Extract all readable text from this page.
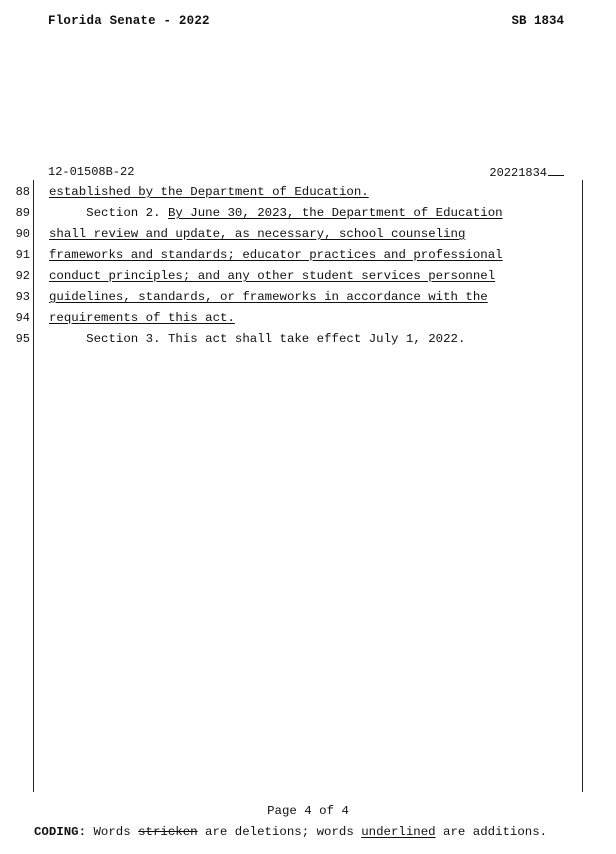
Florida Senate - 2022	SB 1834
12-01508B-22	20221834
88 established by the Department of Education.
89 Section 2. By June 30, 2023, the Department of Education
90 shall review and update, as necessary, school counseling
91 frameworks and standards; educator practices and professional
92 conduct principles; and any other student services personnel
93 guidelines, standards, or frameworks in accordance with the
94 requirements of this act.
95 Section 3. This act shall take effect July 1, 2022.
Page 4 of 4
CODING: Words stricken are deletions; words underlined are additions.
